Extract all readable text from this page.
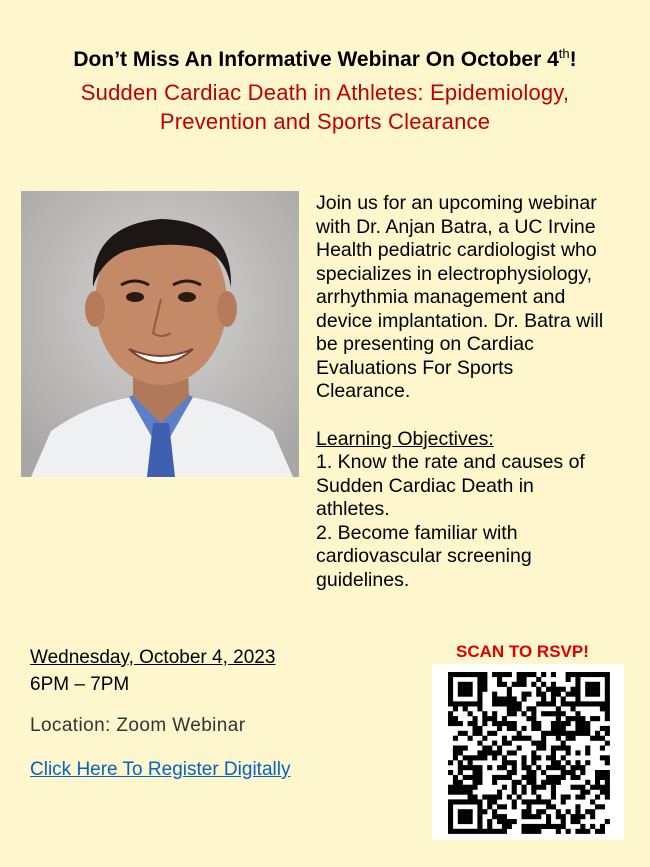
Don’t Miss An Informative Webinar On October 4th!
Sudden Cardiac Death in Athletes: Epidemiology,
Prevention and Sports Clearance
Join us for an upcoming webinar
with Dr. Anjan Batra, a UC Irvine
Health pediatric cardiologist who
specializes in electrophysiology,
arrhythmia management and
device implantation. Dr. Batra will
be presenting on Cardiac
Evaluations For Sports
Clearance.
Learning Objectives:
1. Know the rate and causes of
Sudden Cardiac Death in
athletes.
2. Become familiar with
cardiovascular screening
guidelines.
Wednesday, October 4, 2023
6PM – 7PM
Location: Zoom Webinar
Click Here To Register Digitally
SCAN TO RSVP!
